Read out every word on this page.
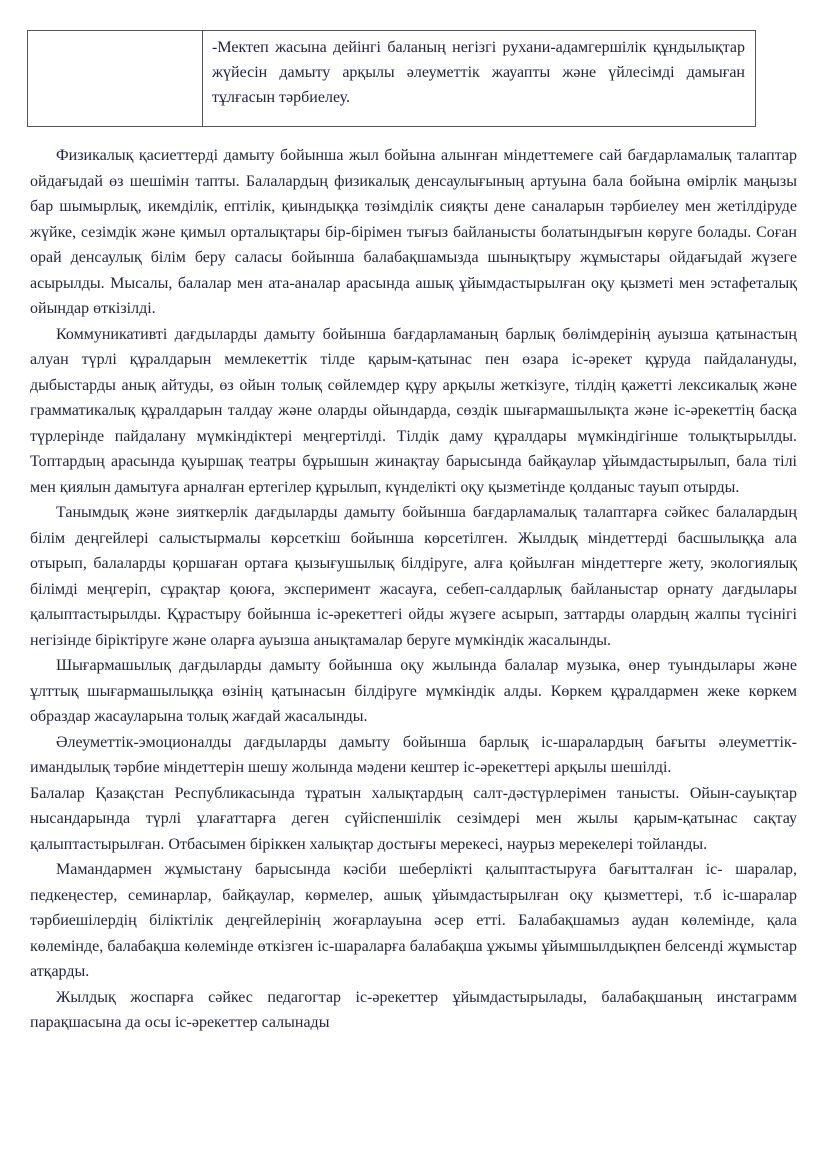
	-Мектеп жасына дейінгі баланың негізгі рухани-адамгершілік құндылықтар жүйесін дамыту арқылы әлеуметтік жауапты және үйлесімді дамыған тұлғасын тәрбиелеу.

Физикалық қасиеттерді дамыту бойынша жыл бойына алынған міндеттемеге сай бағдарламалық талаптар ойдағыдай өз шешімін тапты. Балалардың физикалық денсаулығының артуына бала бойына өмірлік маңызы бар шымырлық, икемділік, ептілік, қиындыққа төзімділік сияқты дене саналарын тәрбиелеу мен жетілдіруде жүйке, сезімдік және қимыл орталықтары бір-бірімен тығыз байланысты болатындығын көруге болады. Соған орай денсаулық білім беру саласы бойынша балабақшамызда шынықтыру жұмыстары ойдағыдай жүзеге асырылды. Мысалы, балалар мен ата-аналар арасында ашық ұйымдастырылған оқу қызметі мен эстафеталық ойындар өткізілді.

Коммуникативті дағдыларды дамыту бойынша бағдарламаның барлық бөлімдерінің ауызша қатынастың алуан түрлі құралдарын мемлекеттік тілде қарым-қатынас пен өзара іс-әрекет құруда пайдалануды, дыбыстарды анық айтуды, өз ойын толық сөйлемдер құру арқылы жеткізуге, тілдің қажетті лексикалық және грамматикалық құралдарын талдау және оларды ойындарда, сөздік шығармашылықта және іс-әрекеттің басқа түрлерінде пайдалану мүмкіндіктері меңгертілді. Тілдік даму құралдары мүмкіндігінше толықтырылды. Топтардың арасында қуыршақ театры бұрышын жинақтау барысында байқаулар ұйымдастырылып, бала тілі мен қиялын дамытуға арналған ертегілер құрылып, күнделікті оқу қызметінде қолданыс тауып отырды.

Танымдық және зияткерлік дағдыларды дамыту бойынша бағдарламалық талаптарға сәйкес балалардың білім деңгейлері салыстырмалы көрсеткіш бойынша көрсетілген. Жылдық міндеттерді басшылыққа ала отырып, балаларды қоршаған ортаға қызығушылық білдіруге, алға қойылған міндеттерге жету, экологиялық білімді меңгеріп, сұрақтар қоюға, эксперимент жасауға, себеп-салдарлық байланыстар орнату дағдылары қалыптастырылды. Құрастыру бойынша іс-әрекеттегі ойды жүзеге асырып, заттарды олардың жалпы түсінігі негізінде біріктіруге және оларға ауызша анықтамалар беруге мүмкіндік жасалынды.

Шығармашылық дағдыларды дамыту бойынша оқу жылында балалар музыка, өнер туындылары және ұлттық шығармашылыққа өзінің қатынасын білдіруге мүмкіндік алды. Көркем құралдармен жеке көркем образдар жасауларына толық жағдай жасалынды.

Әлеуметтік-эмоционалды дағдыларды дамыту бойынша барлық іс-шаралардың бағыты әлеуметтік-имандылық тәрбие міндеттерін шешу жолында мәдени кештер іс-әрекеттері арқылы шешілді.

Балалар Қазақстан Республикасында тұратын халықтардың салт-дәстүрлерімен танысты. Ойын-сауықтар нысандарында түрлі ұлағаттарға деген сүйіспеншілік сезімдері мен жылы қарым-қатынас сақтау қалыптастырылған. Отбасымен біріккен халықтар достығы мерекесі, наурыз мерекелері тойланды.

Мамандармен жұмыстану барысында кәсіби шеберлікті қалыптастыруға бағытталған іс- шаралар, педкеңестер, семинарлар, байқаулар, көрмелер, ашық ұйымдастырылған оқу қызметтері, т.б іс-шаралар тәрбиешілердің біліктілік деңгейлерінің жоғарлауына әсер етті. Балабақшамыз аудан көлемінде, қала көлемінде, балабақша көлемінде өткізген іс-шараларға балабақша ұжымы ұйымшылдықпен белсенді жұмыстар атқарды.

Жылдық жоспарға сәйкес педагогтар іс-әрекеттер ұйымдастырылады, балабақшаның инстаграмм парақшасына да осы іс-әрекеттер салынады
